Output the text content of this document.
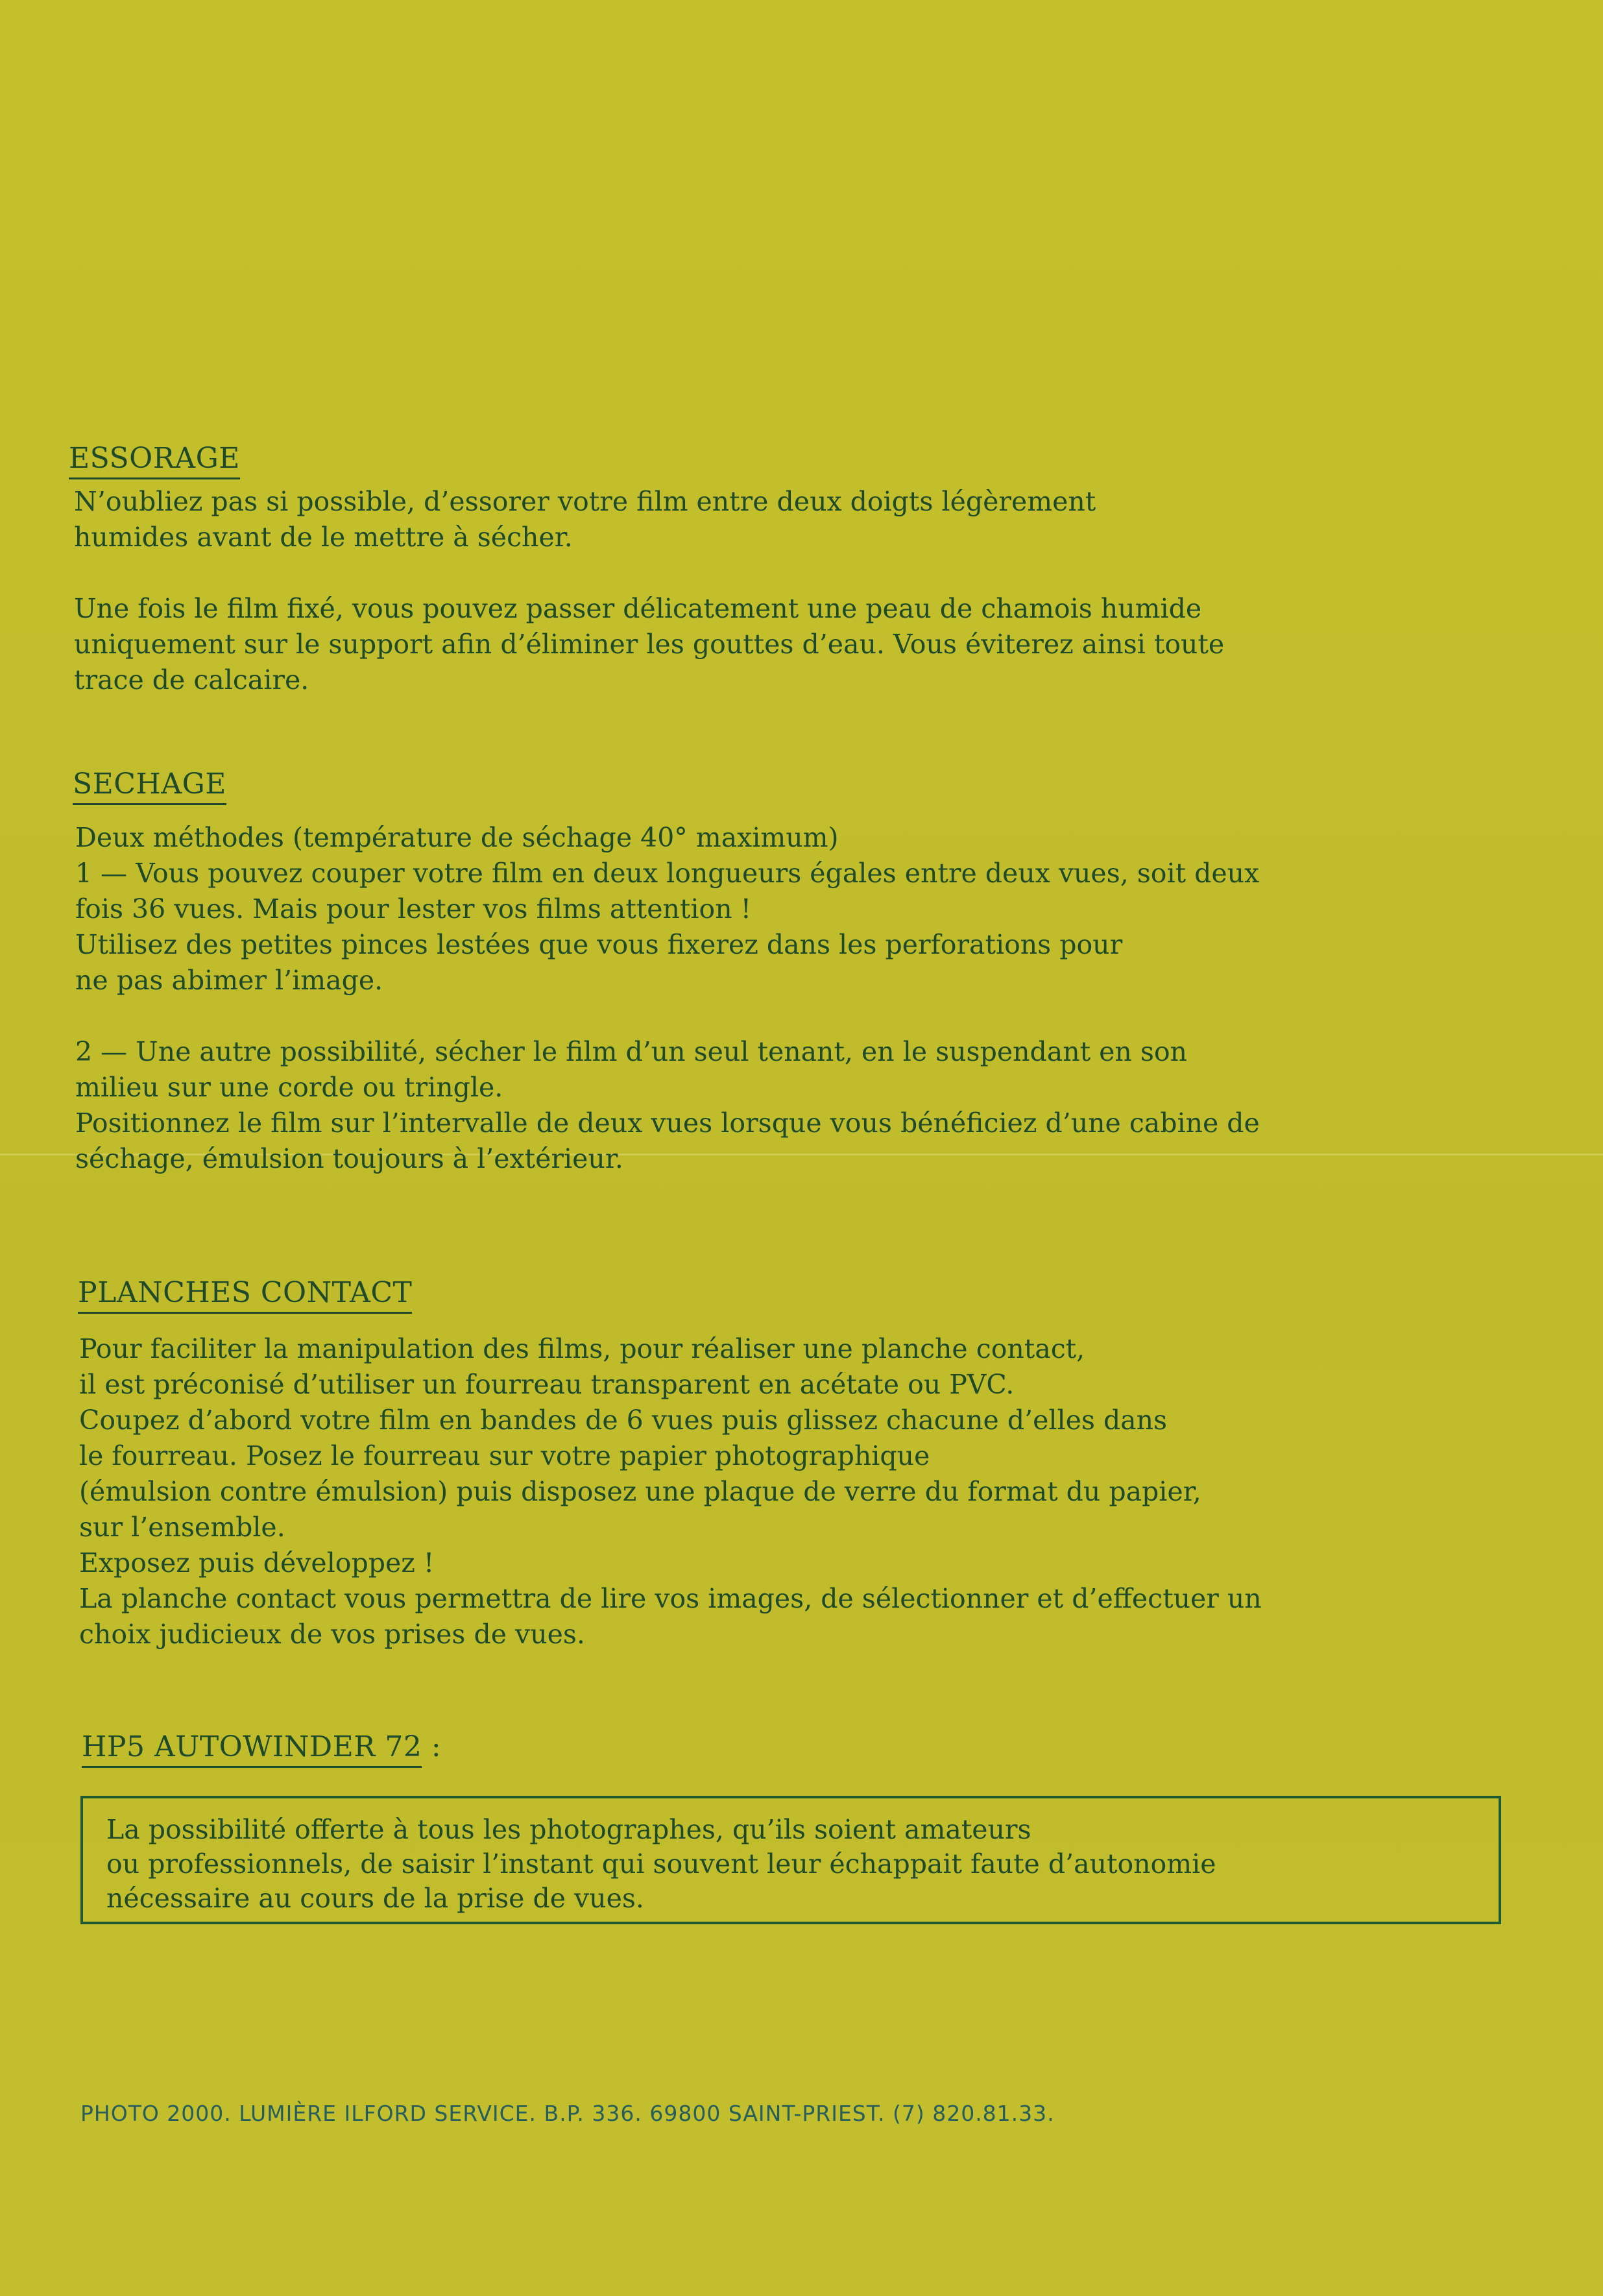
ESSORAGE

N’oubliez pas si possible, d’essorer votre film entre deux doigts légèrement
humides avant de le mettre à sécher.
Une fois le film fixé, vous pouvez passer délicatement une peau de chamois humide
uniquement sur le support afin d’éliminer les gouttes d’eau. Vous éviterez ainsi toute
trace de calcaire.

SECHAGE

Deux méthodes (température de séchage 40° maximum)
1 — Vous pouvez couper votre film en deux longueurs égales entre deux vues, soit deux
fois 36 vues. Mais pour lester vos films attention !
Utilisez des petites pinces lestées que vous fixerez dans les perforations pour
ne pas abimer l’image.
2 — Une autre possibilité, sécher le film d’un seul tenant, en le suspendant en son
milieu sur une corde ou tringle.
Positionnez le film sur l’intervalle de deux vues lorsque vous bénéficiez d’une cabine de
séchage, émulsion toujours à l’extérieur.

PLANCHES CONTACT

Pour faciliter la manipulation des films, pour réaliser une planche contact,
il est préconisé d’utiliser un fourreau transparent en acétate ou PVC.
Coupez d’abord votre film en bandes de 6 vues puis glissez chacune d’elles dans
le fourreau. Posez le fourreau sur votre papier photographique
(émulsion contre émulsion) puis disposez une plaque de verre du format du papier,
sur l’ensemble.
Exposez puis développez !
La planche contact vous permettra de lire vos images, de sélectionner et d’effectuer un
choix judicieux de vos prises de vues.

HP5 AUTOWINDER 72 :
La possibilité offerte à tous les photographes, qu’ils soient amateurs
ou professionnels, de saisir l’instant qui souvent leur échappait faute d’autonomie
nécessaire au cours de la prise de vues.
PHOTO 2000. LUMIÈRE ILFORD SERVICE. B.P. 336. 69800 SAINT-PRIEST. (7) 820.81.33.
